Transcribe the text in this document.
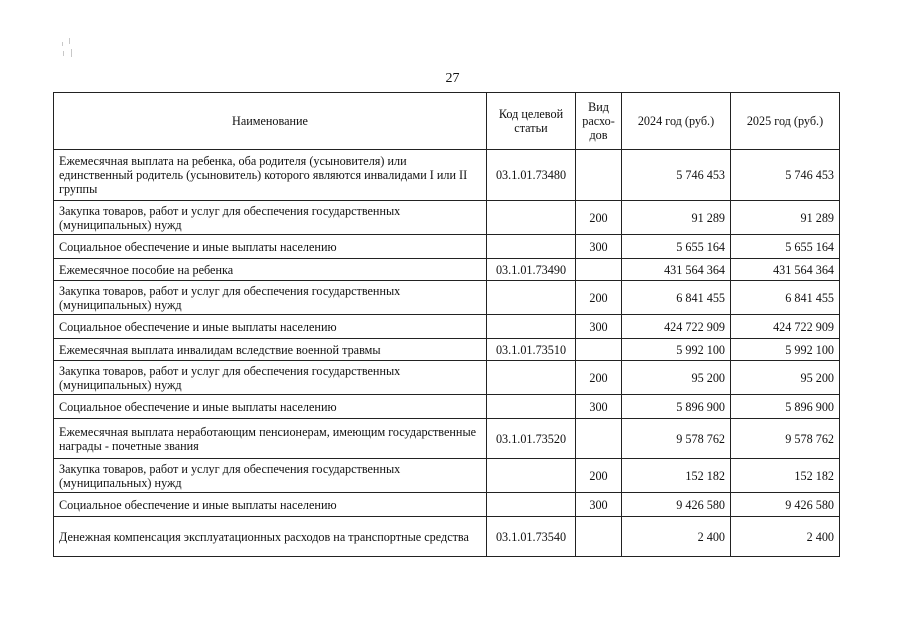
27
Наименование	Код целевой статьи	Вид расхо-дов	2024 год (руб.)	2025 год (руб.)
Ежемесячная выплата на ребенка, оба родителя (усыновителя) или единственный родитель (усыновитель) которого являются инвалидами I или II группы	03.1.01.73480		5 746 453	5 746 453
Закупка товаров, работ и услуг для обеспечения государственных (муниципальных) нужд		200	91 289	91 289
Социальное обеспечение и иные выплаты населению		300	5 655 164	5 655 164
Ежемесячное пособие на ребенка	03.1.01.73490		431 564 364	431 564 364
Закупка товаров, работ и услуг для обеспечения государственных (муниципальных) нужд		200	6 841 455	6 841 455
Социальное обеспечение и иные выплаты населению		300	424 722 909	424 722 909
Ежемесячная выплата инвалидам вследствие военной травмы	03.1.01.73510		5 992 100	5 992 100
Закупка товаров, работ и услуг для обеспечения государственных (муниципальных) нужд		200	95 200	95 200
Социальное обеспечение и иные выплаты населению		300	5 896 900	5 896 900
Ежемесячная выплата неработающим пенсионерам, имеющим государственные награды - почетные звания	03.1.01.73520		9 578 762	9 578 762
Закупка товаров, работ и услуг для обеспечения государственных (муниципальных) нужд		200	152 182	152 182
Социальное обеспечение и иные выплаты населению		300	9 426 580	9 426 580
Денежная компенсация эксплуатационных расходов на транспортные средства	03.1.01.73540		2 400	2 400
